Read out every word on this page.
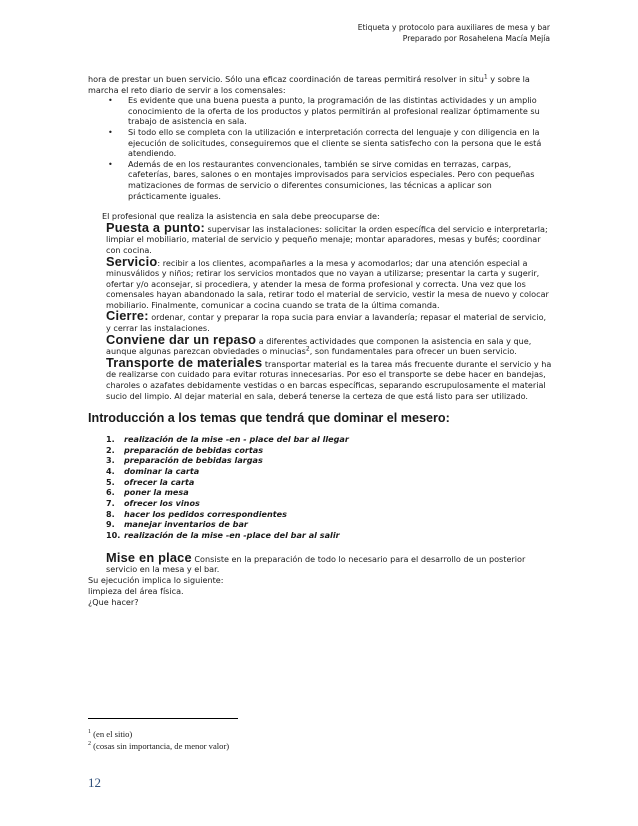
Etiqueta y protocolo para auxiliares de mesa y bar
Preparado por Rosahelena Macía Mejía

hora de prestar un buen servicio. Sólo una eficaz coordinación de tareas permitirá resolver in situ$^1$ y sobre la marcha el reto diario de servir a los comensales:

• Es evidente que una buena puesta a punto, la programación de las distintas actividades y un amplio conocimiento de la oferta de los productos y platos permitirán al profesional realizar óptimamente su trabajo de asistencia en sala.
• Si todo ello se completa con la utilización e interpretación correcta del lenguaje y con diligencia en la ejecución de solicitudes, conseguiremos que el cliente se sienta satisfecho con la persona que le está atendiendo.
• Además de en los restaurantes convencionales, también se sirve comidas en terrazas, carpas, cafeterías, bares, salones o en montajes improvisados para servicios especiales. Pero con pequeñas matizaciones de formas de servicio o diferentes consumiciones, las técnicas a aplicar son prácticamente iguales.

El profesional que realiza la asistencia en sala debe preocuparse de:

Puesta a punto: supervisar las instalaciones: solicitar la orden específica del servicio e interpretarla; limpiar el mobiliario, material de servicio y pequeño menaje; montar aparadores, mesas y bufés; coordinar con cocina.
Servicio: recibir a los clientes, acompañarles a la mesa y acomodarlos; dar una atención especial a minusválidos y niños; retirar los servicios montados que no vayan a utilizarse; presentar la carta y sugerir, ofertar y/o aconsejar, si procediera, y atender la mesa de forma profesional y correcta. Una vez que los comensales hayan abandonado la sala, retirar todo el material de servicio, vestir la mesa de nuevo y colocar mobiliario. Finalmente, comunicar a cocina cuando se trata de la última comanda.
Cierre: ordenar, contar y preparar la ropa sucia para enviar a lavandería; repasar el material de servicio, y cerrar las instalaciones.
Conviene dar un repaso a diferentes actividades que componen la asistencia en sala y que, aunque algunas parezcan obviedades o minucias$^2$, son fundamentales para ofrecer un buen servicio.
Transporte de materiales transportar material es la tarea más frecuente durante el servicio y ha de realizarse con cuidado para evitar roturas innecesarias. Por eso el transporte se debe hacer en bandejas, charoles o azafates debidamente vestidas o en barcas específicas, separando escrupulosamente el material sucio del limpio. Al dejar material en sala, deberá tenerse la certeza de que está listo para ser utilizado.
Introducción a los temas que tendrá que dominar el mesero:
1.	realización de la mise -en - place del bar al llegar
2.	preparación de bebidas cortas
3.	preparación de bebidas largas
4.	dominar la carta
5.	ofrecer la carta
6.	poner la mesa
7.	ofrecer los vinos
8.	hacer los pedidos correspondientes
9.	manejar inventarios de bar
10. realización de la mise -en -place del bar al salir
Mise en place Consiste en la preparación de todo lo necesario para el desarrollo de un posterior servicio en la mesa y el bar.

Su ejecución implica lo siguiente:

limpieza del área física.

¿Que hacer?

$^1$ (en el sitio)
$^2$ (cosas sin importancia, de menor valor)
12
